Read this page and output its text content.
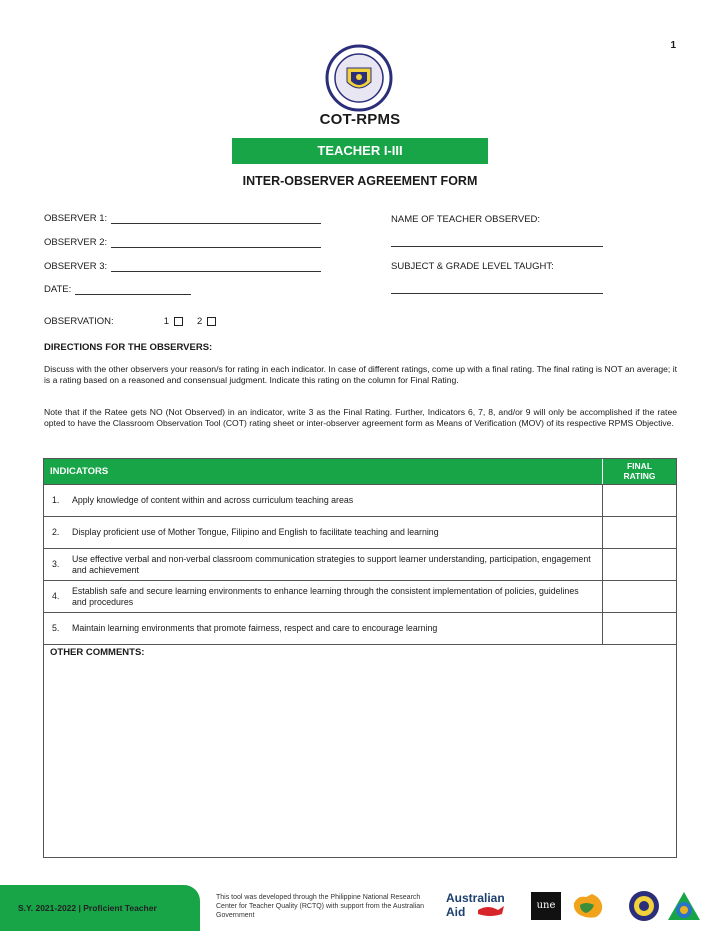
1
COT-RPMS
TEACHER I-III
INTER-OBSERVER AGREEMENT FORM
OBSERVER 1:
OBSERVER 2:
OBSERVER 3:
DATE:
NAME OF TEACHER OBSERVED:
SUBJECT & GRADE LEVEL TAUGHT:
OBSERVATION:	1	2
DIRECTIONS FOR THE OBSERVERS:
Discuss with the other observers your reason/s for rating in each indicator. In case of different ratings, come up with a final rating. The final rating is NOT an average; it is a rating based on a reasoned and consensual judgment. Indicate this rating on the column for Final Rating.
Note that if the Ratee gets NO (Not Observed) in an indicator, write 3 as the Final Rating. Further, Indicators 6, 7, 8, and/or 9 will only be accomplished if the ratee opted to have the Classroom Observation Tool (COT) rating sheet or inter-observer agreement form as Means of Verification (MOV) of its respective RPMS Objective.
INDICATORS	FINAL
RATING
1.	Apply knowledge of content within and across curriculum teaching areas
2.	Display proficient use of Mother Tongue, Filipino and English to facilitate teaching and learning
3.
Use effective verbal and non-verbal classroom communication strategies to support learner understanding, participation, engagement and achievement
4.
Establish safe and secure learning environments to enhance learning through the consistent implementation of policies, guidelines and procedures
5.	Maintain learning environments that promote fairness, respect and care to encourage learning
OTHER COMMENTS:
S.Y. 2021-2022 | Proficient Teacher
This tool was developed through the Philippine National Research Center for Teacher Quality (RCTQ) with support from the Australian Government
Australian
Aid	une
